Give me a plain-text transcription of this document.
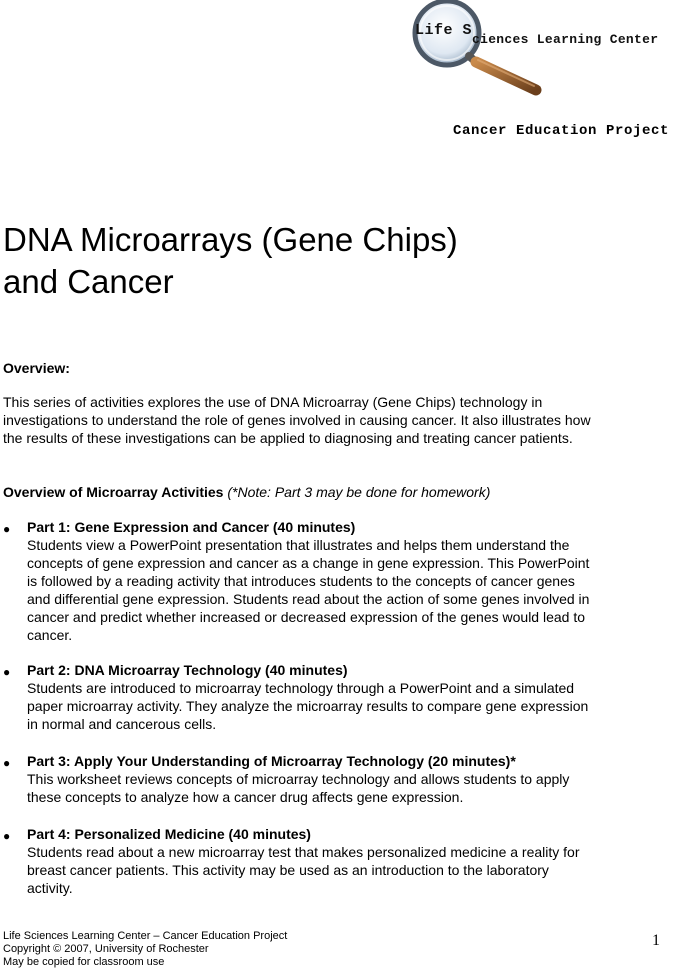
Life S
ciences Learning Center
Cancer Education Project
DNA Microarrays (Gene Chips)
and Cancer
Overview:
This series of activities explores the use of DNA Microarray (Gene Chips) technology in
investigations to understand the role of genes involved in causing cancer. It also illustrates how
the results of these investigations can be applied to diagnosing and treating cancer patients.
Overview of Microarray Activities (*Note: Part 3 may be done for homework)
● Part 1: Gene Expression and Cancer (40 minutes)
Students view a PowerPoint presentation that illustrates and helps them understand the
concepts of gene expression and cancer as a change in gene expression. This PowerPoint
is followed by a reading activity that introduces students to the concepts of cancer genes
and differential gene expression. Students read about the action of some genes involved in
cancer and predict whether increased or decreased expression of the genes would lead to
cancer.
● Part 2: DNA Microarray Technology (40 minutes)
Students are introduced to microarray technology through a PowerPoint and a simulated
paper microarray activity. They analyze the microarray results to compare gene expression
in normal and cancerous cells.
● Part 3: Apply Your Understanding of Microarray Technology (20 minutes)*
This worksheet reviews concepts of microarray technology and allows students to apply
these concepts to analyze how a cancer drug affects gene expression.
● Part 4: Personalized Medicine (40 minutes)
Students read about a new microarray test that makes personalized medicine a reality for
breast cancer patients. This activity may be used as an introduction to the laboratory
activity.
Life Sciences Learning Center – Cancer Education Project
Copyright © 2007, University of Rochester
May be copied for classroom use
1
